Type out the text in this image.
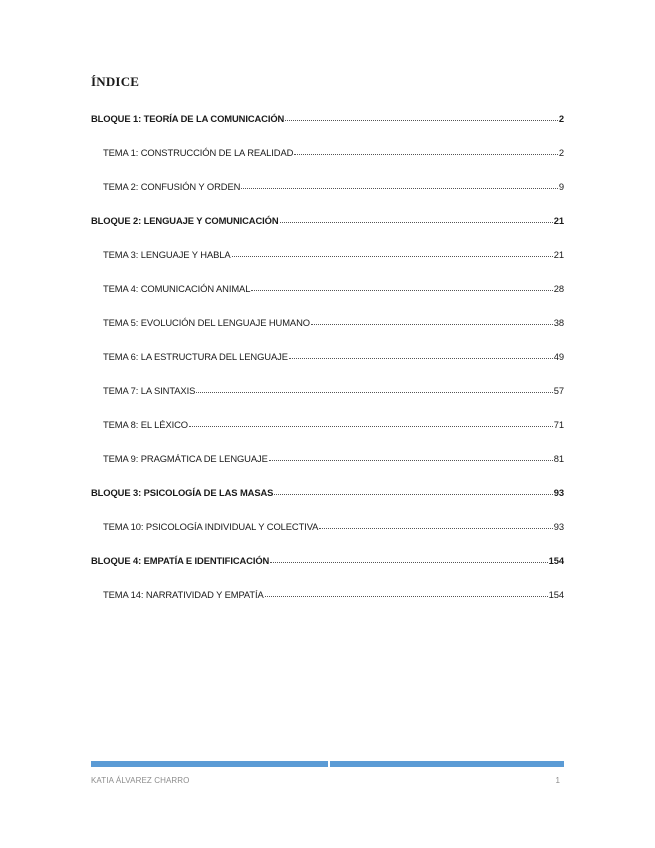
ÍNDICE
BLOQUE 1: TEORÍA DE LA COMUNICACIÓN	2
TEMA 1: CONSTRUCCIÓN DE LA REALIDAD	2
TEMA 2: CONFUSIÓN Y ORDEN	9
BLOQUE 2: LENGUAJE Y COMUNICACIÓN	21
TEMA 3: LENGUAJE Y HABLA	21
TEMA 4: COMUNICACIÓN ANIMAL	28
TEMA 5: EVOLUCIÓN DEL LENGUAJE HUMANO	38
TEMA 6: LA ESTRUCTURA DEL LENGUAJE	49
TEMA 7: LA SINTAXIS	57
TEMA 8: EL LÉXICO	71
TEMA 9: PRAGMÁTICA DE LENGUAJE	81
BLOQUE 3: PSICOLOGÍA DE LAS MASAS	93
TEMA 10: PSICOLOGÍA INDIVIDUAL Y COLECTIVA	93
BLOQUE 4: EMPATÍA E IDENTIFICACIÓN	154
TEMA 14: NARRATIVIDAD Y EMPATÍA	154
KATIA ÁLVAREZ CHARRO	1
